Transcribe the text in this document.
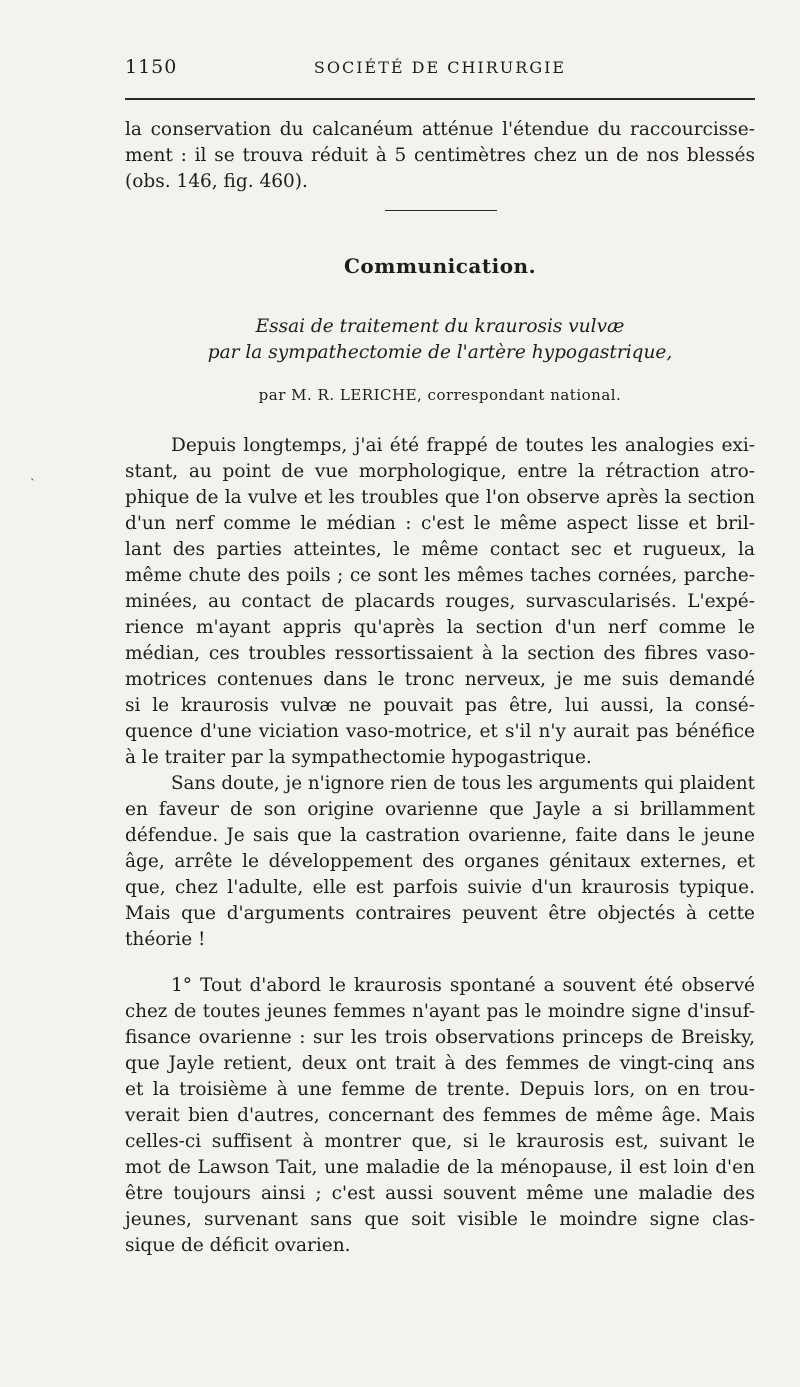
1150	SOCIÉTÉ DE CHIRURGIE
la conservation du calcanéum atténue l'étendue du raccourcisse-
ment : il se trouva réduit à 5 centimètres chez un de nos blessés
(obs. 146, fig. 460).
Communication.
Essai de traitement du kraurosis vulvæ
par la sympathectomie de l'artère hypogastrique,
par M. R. LERICHE, correspondant national.
˴
Depuis longtemps, j'ai été frappé de toutes les analogies exi-
stant, au point de vue morphologique, entre la rétraction atro-
phique de la vulve et les troubles que l'on observe après la section
d'un nerf comme le médian : c'est le même aspect lisse et bril-
lant des parties atteintes, le même contact sec et rugueux, la
même chute des poils ; ce sont les mêmes taches cornées, parche-
minées, au contact de placards rouges, survascularisés. L'expé-
rience m'ayant appris qu'après la section d'un nerf comme le
médian, ces troubles ressortissaient à la section des fibres vaso-
motrices contenues dans le tronc nerveux, je me suis demandé
si le kraurosis vulvæ ne pouvait pas être, lui aussi, la consé-
quence d'une viciation vaso-motrice, et s'il n'y aurait pas bénéfice
à le traiter par la sympathectomie hypogastrique.
Sans doute, je n'ignore rien de tous les arguments qui plaident
en faveur de son origine ovarienne que Jayle a si brillamment
défendue. Je sais que la castration ovarienne, faite dans le jeune
âge, arrête le développement des organes génitaux externes, et
que, chez l'adulte, elle est parfois suivie d'un kraurosis typique.
Mais que d'arguments contraires peuvent être objectés à cette
théorie !
1° Tout d'abord le kraurosis spontané a souvent été observé
chez de toutes jeunes femmes n'ayant pas le moindre signe d'insuf-
fisance ovarienne : sur les trois observations princeps de Breisky,
que Jayle retient, deux ont trait à des femmes de vingt-cinq ans
et la troisième à une femme de trente. Depuis lors, on en trou-
verait bien d'autres, concernant des femmes de même âge. Mais
celles-ci suffisent à montrer que, si le kraurosis est, suivant le
mot de Lawson Tait, une maladie de la ménopause, il est loin d'en
être toujours ainsi ; c'est aussi souvent même une maladie des
jeunes, survenant sans que soit visible le moindre signe clas-
sique de déficit ovarien.
